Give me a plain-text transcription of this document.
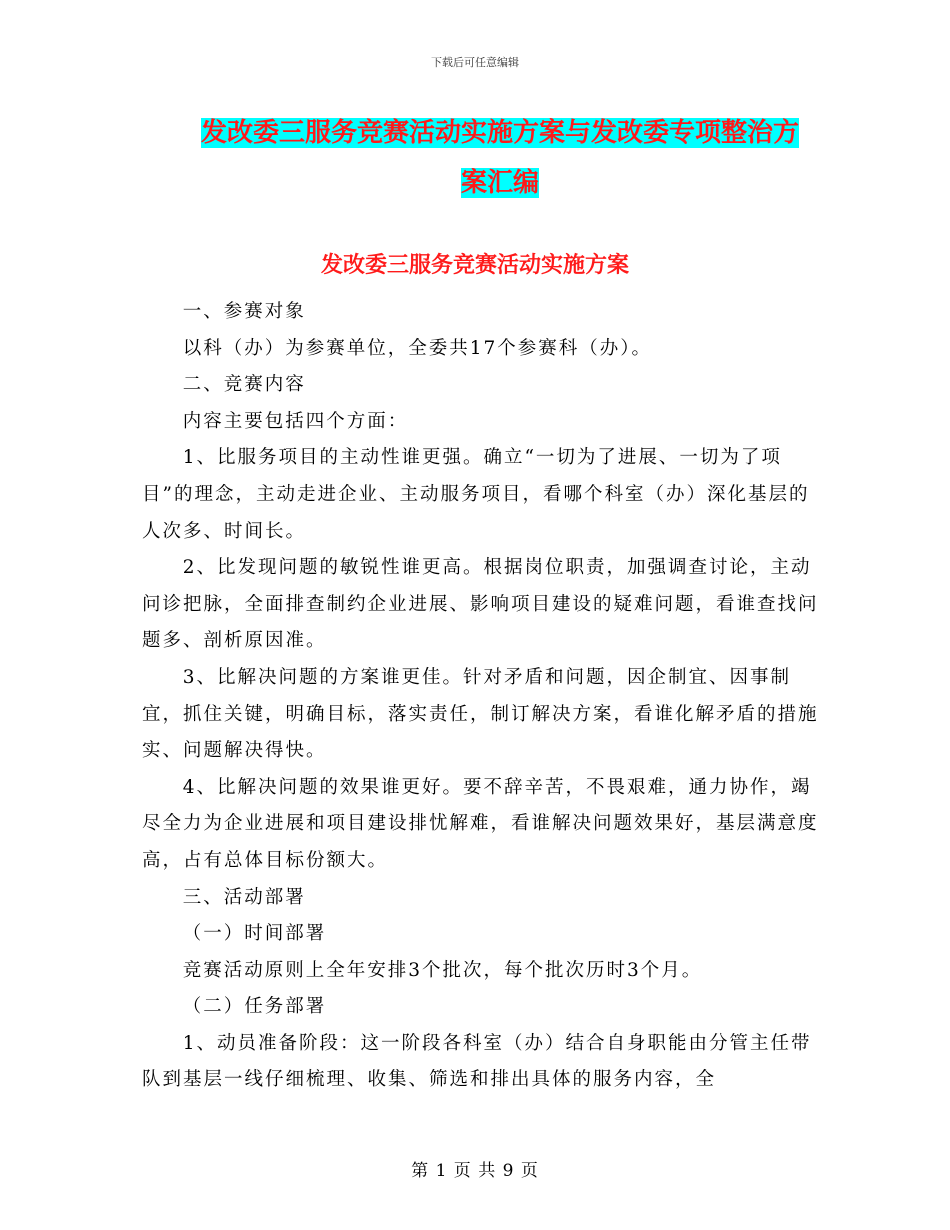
下载后可任意编辑
发改委三服务竞赛活动实施方案与发改委专项整治方
案汇编
发改委三服务竞赛活动实施方案

一、参赛对象

以科（办）为参赛单位，全委共17个参赛科（办）。

二、竞赛内容

内容主要包括四个方面：

1、比服务项目的主动性谁更强。确立“一切为了进展、一切为了项目”的理念，主动走进企业、主动服务项目，看哪个科室（办）深化基层的人次多、时间长。

2、比发现问题的敏锐性谁更高。根据岗位职责，加强调查讨论，主动问诊把脉，全面排查制约企业进展、影响项目建设的疑难问题，看谁查找问题多、剖析原因准。

3、比解决问题的方案谁更佳。针对矛盾和问题，因企制宜、因事制宜，抓住关键，明确目标，落实责任，制订解决方案，看谁化解矛盾的措施实、问题解决得快。

4、比解决问题的效果谁更好。要不辞辛苦，不畏艰难，通力协作，竭尽全力为企业进展和项目建设排忧解难，看谁解决问题效果好，基层满意度高，占有总体目标份额大。

三、活动部署

（一）时间部署

竞赛活动原则上全年安排3个批次，每个批次历时3个月。

（二）任务部署

1、动员准备阶段：这一阶段各科室（办）结合自身职能由分管主任带队到基层一线仔细梳理、收集、筛选和排出具体的服务内容，全

第 1 页 共 9 页
